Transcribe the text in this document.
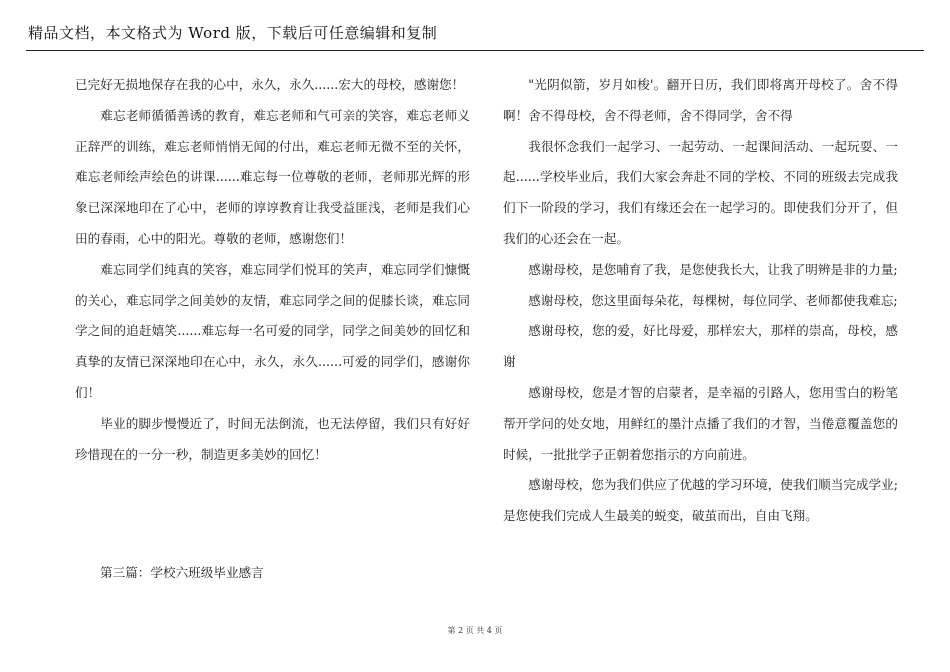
精品文档，本文格式为 Word 版，下载后可任意编辑和复制

已完好无损地保存在我的心中，永久，永久......宏大的母校，感谢您！

难忘老师循循善诱的教育，难忘老师和气可亲的笑容，难忘老师义正辞严的训练，难忘老师悄悄无闻的付出，难忘老师无微不至的关怀，难忘老师绘声绘色的讲课......难忘每一位尊敬的老师，老师那光辉的形象已深深地印在了心中，老师的谆谆教育让我受益匪浅，老师是我们心田的春雨，心中的阳光。尊敬的老师，感谢您们！

难忘同学们纯真的笑容，难忘同学们悦耳的笑声，难忘同学们慷慨的关心，难忘同学之间美妙的友情，难忘同学之间的促膝长谈，难忘同学之间的追赶嬉笑......难忘每一名可爱的同学，同学之间美妙的回忆和真挚的友情已深深地印在心中，永久，永久......可爱的同学们，感谢你们！

毕业的脚步慢慢近了，时间无法倒流，也无法停留，我们只有好好珍惜现在的一分一秒，制造更多美妙的回忆！

第三篇：学校六班级毕业感言

"光阴似箭，岁月如梭'。翻开日历，我们即将离开母校了。舍不得啊！舍不得母校，舍不得老师，舍不得同学，舍不得

我很怀念我们一起学习、一起劳动、一起课间活动、一起玩耍、一起......学校毕业后，我们大家会奔赴不同的学校、不同的班级去完成我们下一阶段的学习，我们有缘还会在一起学习的。即使我们分开了，但我们的心还会在一起。

感谢母校，是您哺育了我，是您使我长大，让我了明辨是非的力量;

感谢母校，您这里面每朵花，每棵树，每位同学、老师都使我难忘;

感谢母校，您的爱，好比母爱，那样宏大，那样的崇高，母校，感谢

感谢母校，您是才智的启蒙者，是幸福的引路人，您用雪白的粉笔帮开学问的处女地，用鲜红的墨汁点播了我们的才智，当倦意覆盖您的时候，一批批学子正朝着您指示的方向前进。

感谢母校，您为我们供应了优越的学习环境，使我们顺当完成学业;是您使我们完成人生最美的蜕变，破茧而出，自由飞翔。

第 2 页 共 4 页
